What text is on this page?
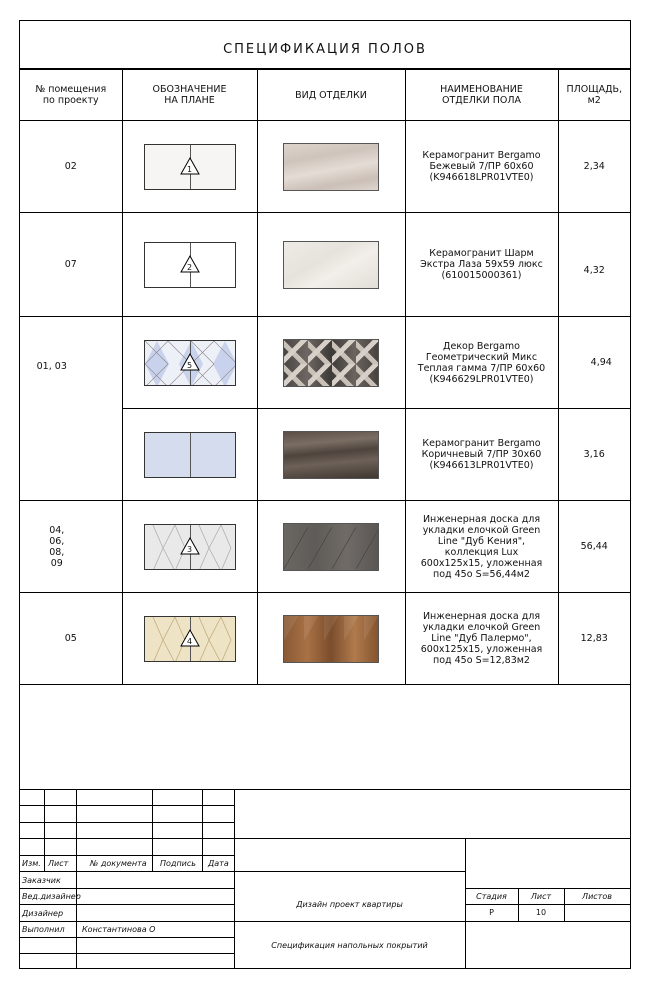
СПЕЦИФИКАЦИЯ ПОЛОВ
№ помещения по проекту	ОБОЗНАЧЕНИЕ НА ПЛАНЕ	ВИД ОТДЕЛКИ	НАИМЕНОВАНИЕ ОТДЕЛКИ ПОЛА	ПЛОЩАДЬ, м2
02	1		Керамогранит Bergamo Бежевый 7/ПР 60х60 (K946618LPR01VTE0)	2,34
07	2		Керамогранит Шарм Экстра Лаза 59х59 люкс (610015000361)	4,32
01, 03	5		Декор Bergamo Геометрический Микс Теплая гамма 7/ПР 60х60 (K946629LPR01VTE0)	4,94

		Керамогранит Bergamo Коричневый 7/ПР 30х60 (K946613LPR01VTE0)	3,16
04, 06, 08, 09	3		Инженерная доска для укладки елочкой Green Line "Дуб Кения", коллекция Lux 600х125х15, уложенная под 45о S=56,44м2	56,44
05	4		Инженерная доска для укладки елочкой Green Line "Дуб Палермо", 600х125х15, уложенная под 45о S=12,83м2	12,83
Изм. Лист	№ документа Подпись Дата
Заказчик
Вед.дизайнер
Дизайнер
Выполнил Константинова О
Дизайн проект квартиры
Спецификация напольных покрытий
Стадия	Лист	Листов
Р	10
